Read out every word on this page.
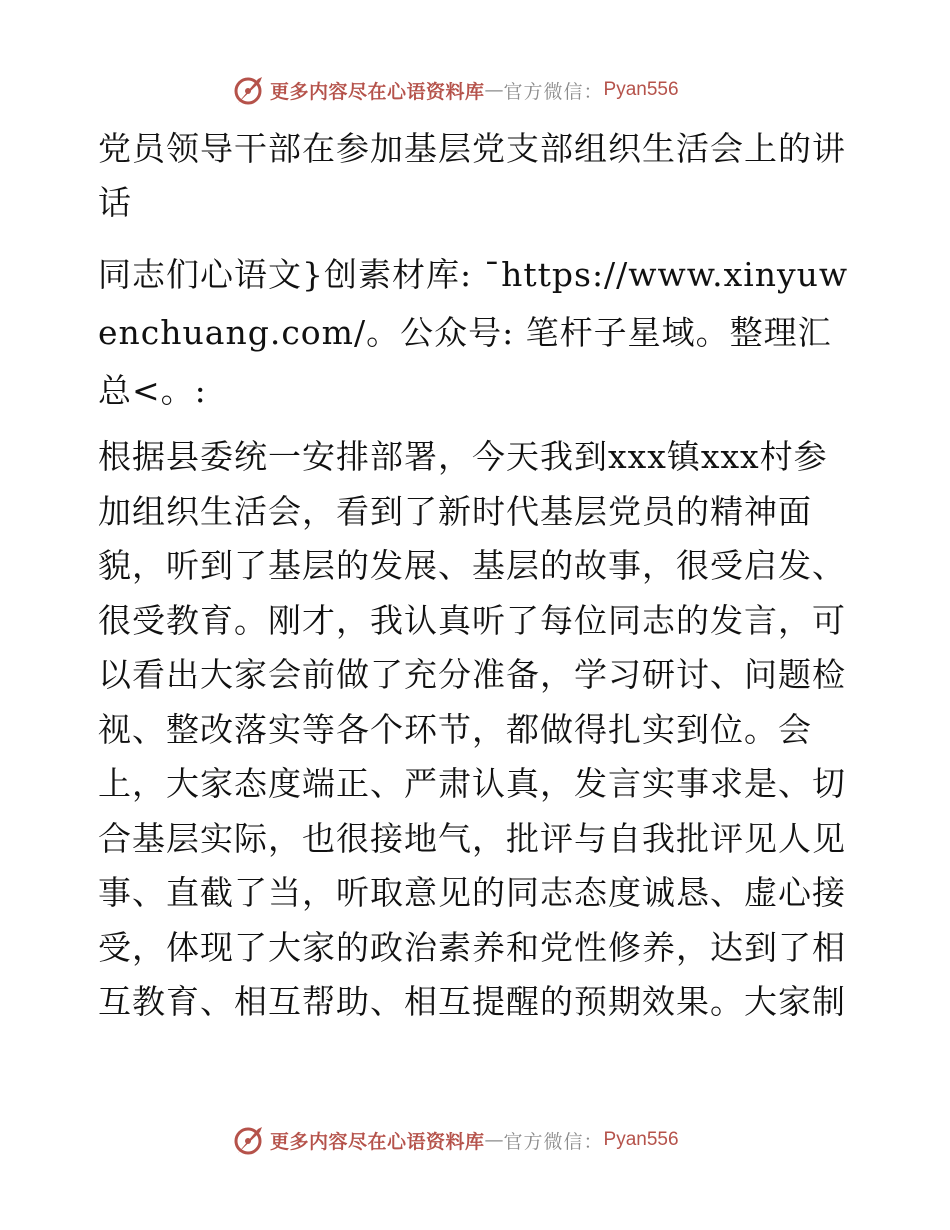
更多内容尽在心语资料库 — 官方微信： Pyan556

党员领导干部在参加基层党支部组织生活会上的讲话

同志们心语文}创素材库: ¯https://www.xinyuwenchuang.com/。公众号: 笔杆子星域。整理汇总<。:

根据县委统一安排部署，今天我到xxx镇xxx村参加组织生活会，看到了新时代基层党员的精神面貌，听到了基层的发展、基层的故事，很受启发、很受教育。刚才，我认真听了每位同志的发言，可以看出大家会前做了充分准备，学习研讨、问题检视、整改落实等各个环节，都做得扎实到位。会上，大家态度端正、严肃认真，发言实事求是、切合基层实际，也很接地气，批评与自我批评见人见事、直截了当，听取意见的同志态度诚恳、虚心接受，体现了大家的政治素养和党性修养，达到了相互教育、相互帮助、相互提醒的预期效果。大家制

更多内容尽在心语资料库 — 官方微信： Pyan556
